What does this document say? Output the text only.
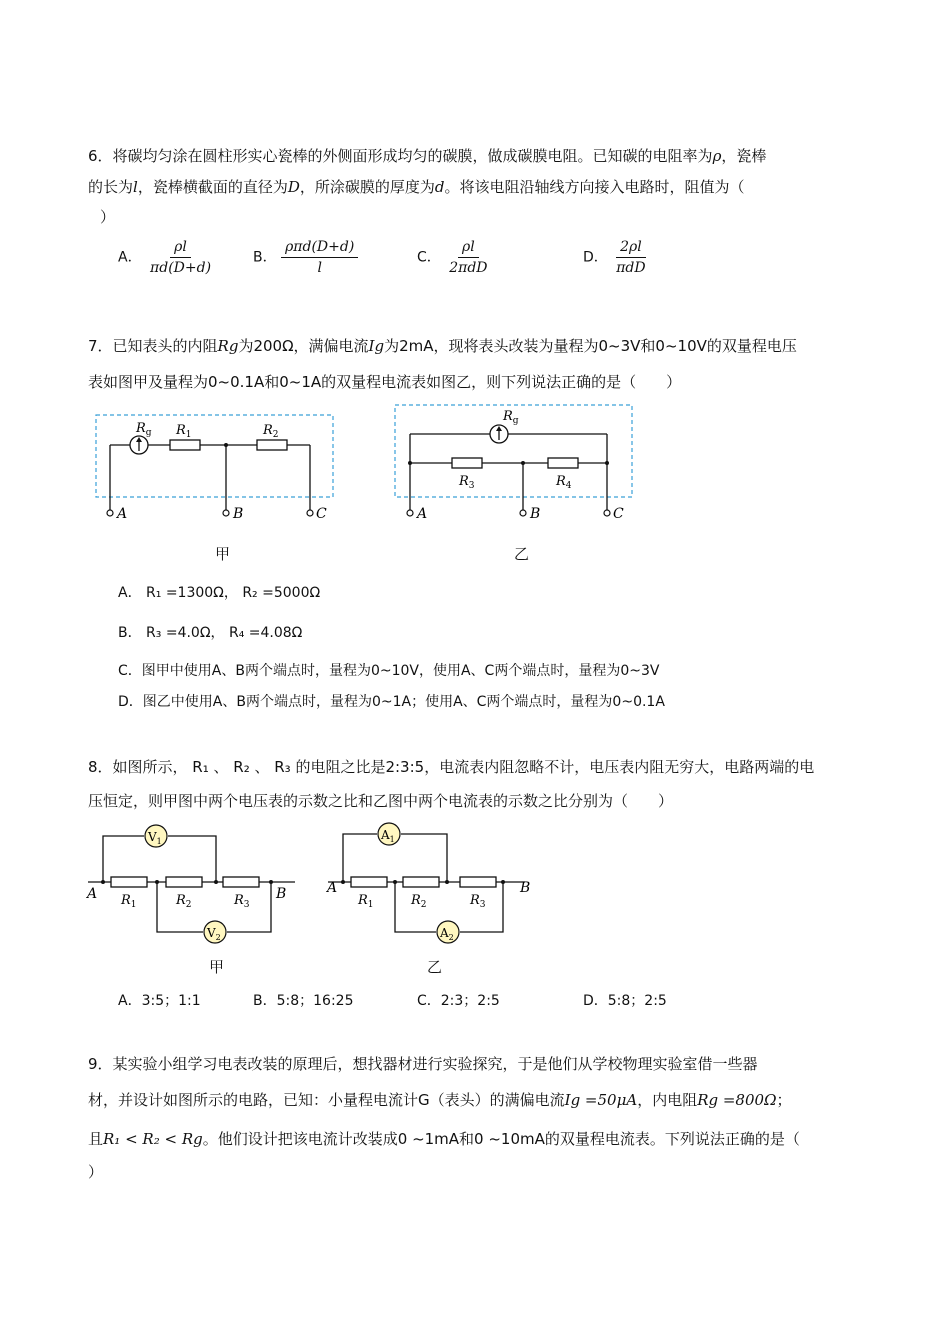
6．将碳均匀涂在圆柱形实心瓷棒的外侧面形成均匀的碳膜，做成碳膜电阻。已知碳的电阻率为ρ，瓷棒
的长为l，瓷棒横截面的直径为D，所涂碳膜的厚度为d。将该电阻沿轴线方向接入电路时，阻值为（
）
A． $\frac{\rho l}{\pi d(D+d)}$	B． $\frac{\text{ρπd(D+d)}}{l}$	C． $\frac{\rho l}{\text{2πdD}}$	D． $\frac{2\rho l}{\text{πdD}}$
7．已知表头的内阻Rg为200Ω，满偏电流Ig为2mA，现将表头改装为量程为0~3V和0~10V的双量程电压
表如图甲及量程为0~0.1A和0~1A的双量程电流表如图乙，则下列说法正确的是（　　）
$R_g$ $R_1$	$R_2$
A	B	C
甲
$R_g$
$R_3$	$R_4$
A	B	C
乙
A． R₁ =1300Ω， R₂ =5000Ω
B． R₃ =4.0Ω， R₄ =4.08Ω
C．图甲中使用A、B两个端点时，量程为0~10V，使用A、C两个端点时，量程为0~3V
D．图乙中使用A、B两个端点时，量程为0~1A；使用A、C两个端点时，量程为0~0.1A
8．如图所示， R₁ 、 R₂ 、 R₃ 的电阻之比是2:3:5，电流表内阻忽略不计，电压表内阻无穷大，电路两端的电
压恒定，则甲图中两个电压表的示数之比和乙图中两个电流表的示数之比分别为（　　）
$V_1$
$V_2$
A	B
$R_1$	$R_2$	$R_3$
甲
$A_1$
$A_2$
A	B
$R_1$	$R_2$	$R_3$
乙
A．3:5；1:1	B．5:8；16:25	C．2:3；2:5	D．5:8；2:5
9．某实验小组学习电表改装的原理后，想找器材进行实验探究，于是他们从学校物理实验室借一些器
材，并设计如图所示的电路，已知：小量程电流计G（表头）的满偏电流Ig =50μA，内电阻Rg =800Ω；
且R₁ < R₂ < Rg。他们设计把该电流计改装成0 ~1mA和0 ~10mA的双量程电流表。下列说法正确的是（
）
